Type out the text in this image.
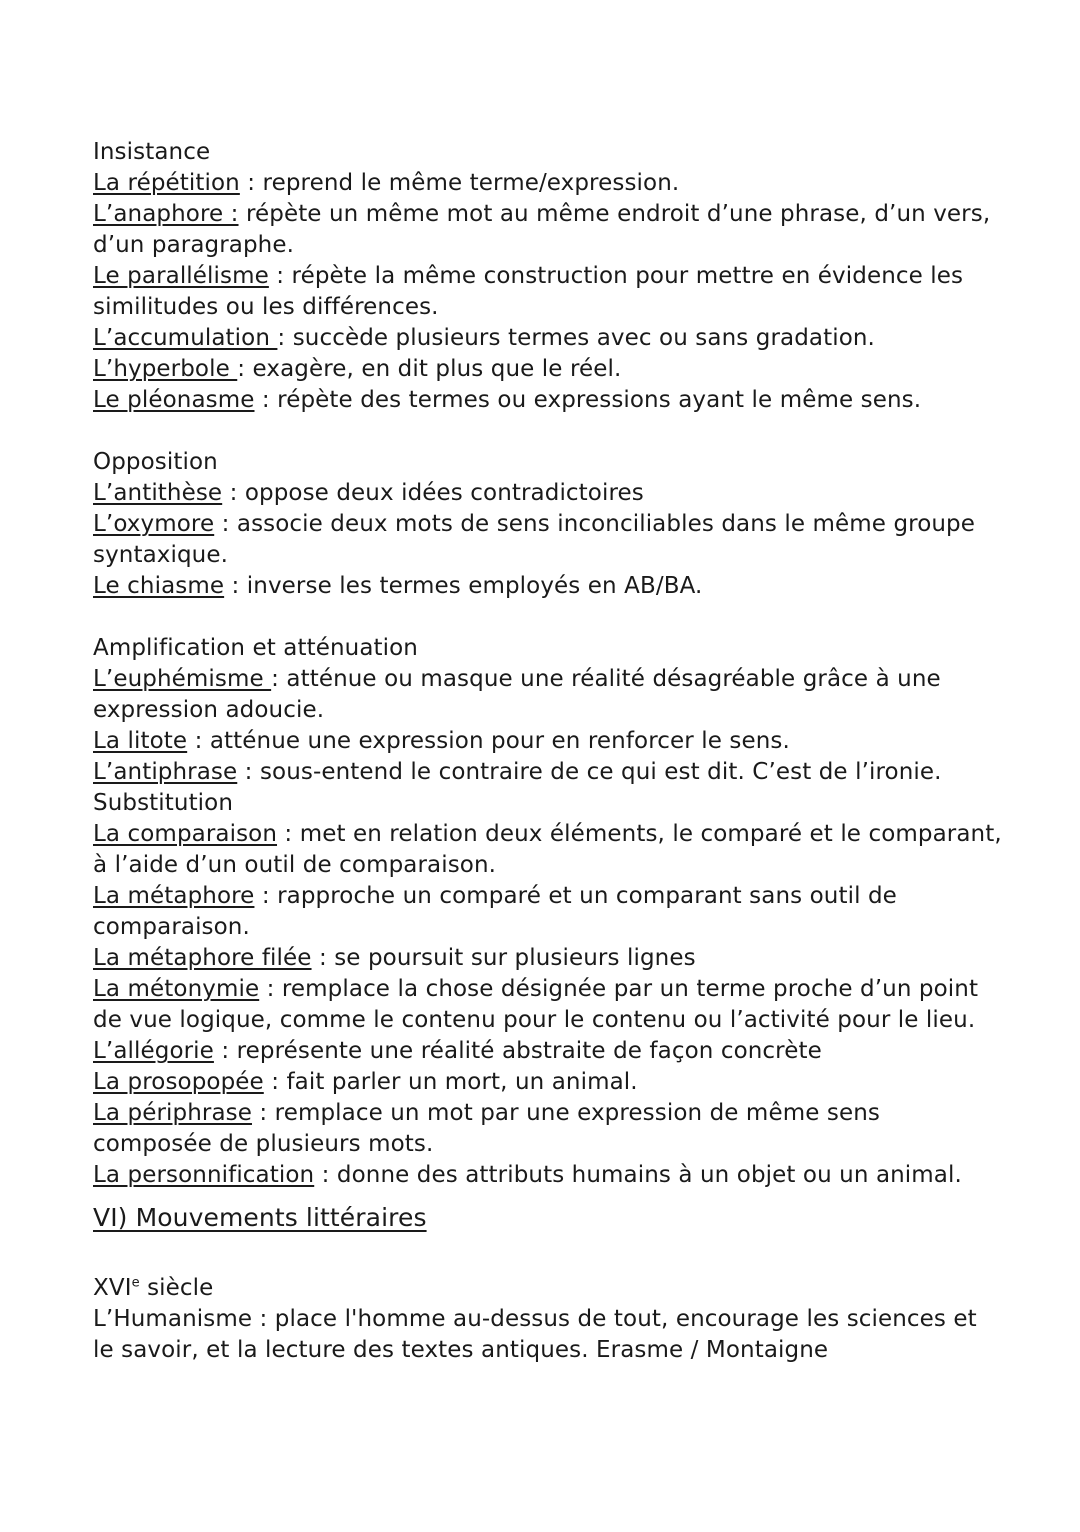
Insistance
La répétition : reprend le même terme/expression.
L’anaphore : répète un même mot au même endroit d’une phrase, d’un vers,
d’un paragraphe.
Le parallélisme : répète la même construction pour mettre en évidence les
similitudes ou les différences.
L’accumulation : succède plusieurs termes avec ou sans gradation.
L’hyperbole : exagère, en dit plus que le réel.
Le pléonasme : répète des termes ou expressions ayant le même sens.
Opposition
L’antithèse : oppose deux idées contradictoires
L’oxymore : associe deux mots de sens inconciliables dans le même groupe
syntaxique.
Le chiasme : inverse les termes employés en AB/BA.
Amplification et atténuation
L’euphémisme : atténue ou masque une réalité désagréable grâce à une
expression adoucie.
La litote : atténue une expression pour en renforcer le sens.
L’antiphrase : sous-entend le contraire de ce qui est dit. C’est de l’ironie.
Substitution
La comparaison : met en relation deux éléments, le comparé et le comparant,
à l’aide d’un outil de comparaison.
La métaphore : rapproche un comparé et un comparant sans outil de
comparaison.
La métaphore filée : se poursuit sur plusieurs lignes
La métonymie : remplace la chose désignée par un terme proche d’un point
de vue logique, comme le contenu pour le contenu ou l’activité pour le lieu.
L’allégorie : représente une réalité abstraite de façon concrète
La prosopopée : fait parler un mort, un animal.
La périphrase : remplace un mot par une expression de même sens
composée de plusieurs mots.
La personnification : donne des attributs humains à un objet ou un animal.
VI) Mouvements littéraires
XVIe siècle
L’Humanisme : place l'homme au-dessus de tout, encourage les sciences et
le savoir, et la lecture des textes antiques. Erasme / Montaigne
